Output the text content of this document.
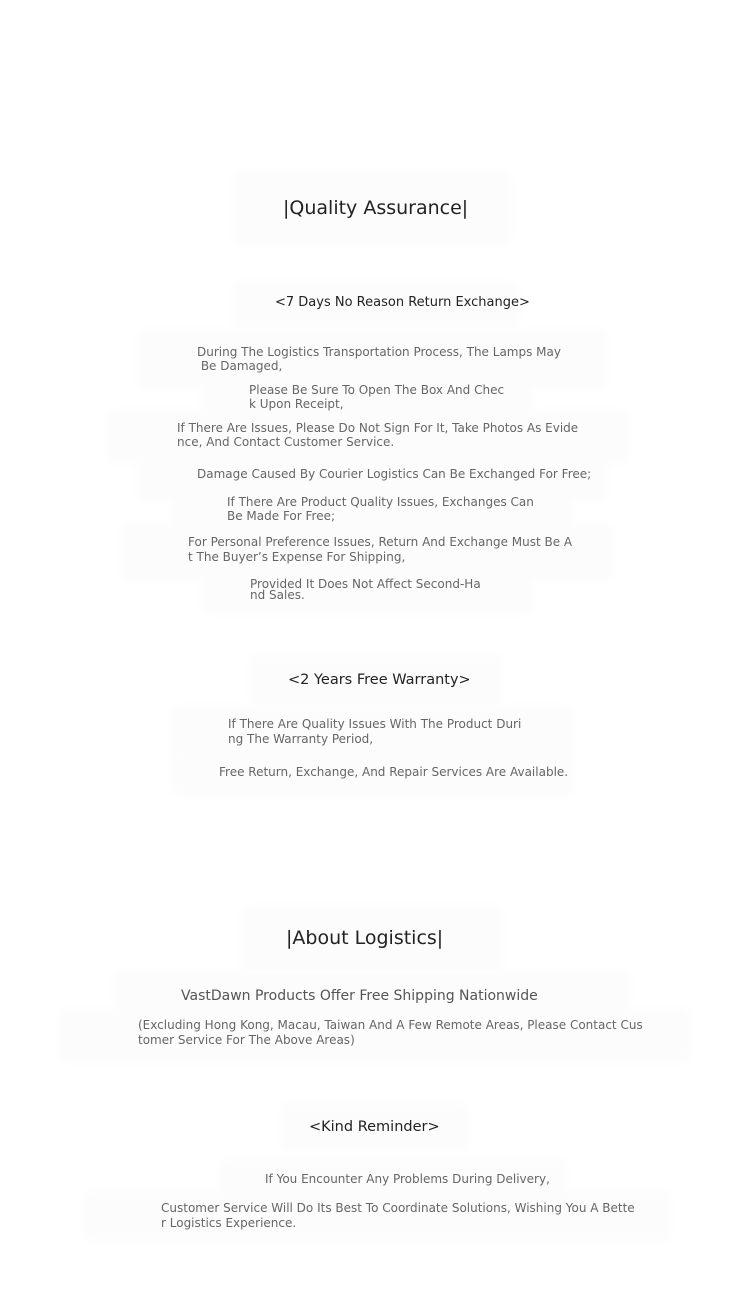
|Quality Assurance|
<7 Days No Reason Return Exchange>
During The Logistics Transportation Process, The Lamps May
Be Damaged,
Please Be Sure To Open The Box And Chec
k Upon Receipt,
If There Are Issues, Please Do Not Sign For It, Take Photos As Evide
nce, And Contact Customer Service.
Damage Caused By Courier Logistics Can Be Exchanged For Free;
If There Are Product Quality Issues, Exchanges Can
Be Made For Free;
For Personal Preference Issues, Return And Exchange Must Be A
t The Buyer’s Expense For Shipping,
Provided It Does Not Affect Second-Ha
nd Sales.
<2 Years Free Warranty>
If There Are Quality Issues With The Product Duri
ng The Warranty Period,
Free Return, Exchange, And Repair Services Are Available.
|About Logistics|
VastDawn Products Offer Free Shipping Nationwide
(Excluding Hong Kong, Macau, Taiwan And A Few Remote Areas, Please Contact Cus
tomer Service For The Above Areas)
<Kind Reminder>
If You Encounter Any Problems During Delivery,
Customer Service Will Do Its Best To Coordinate Solutions, Wishing You A Bette
r Logistics Experience.
